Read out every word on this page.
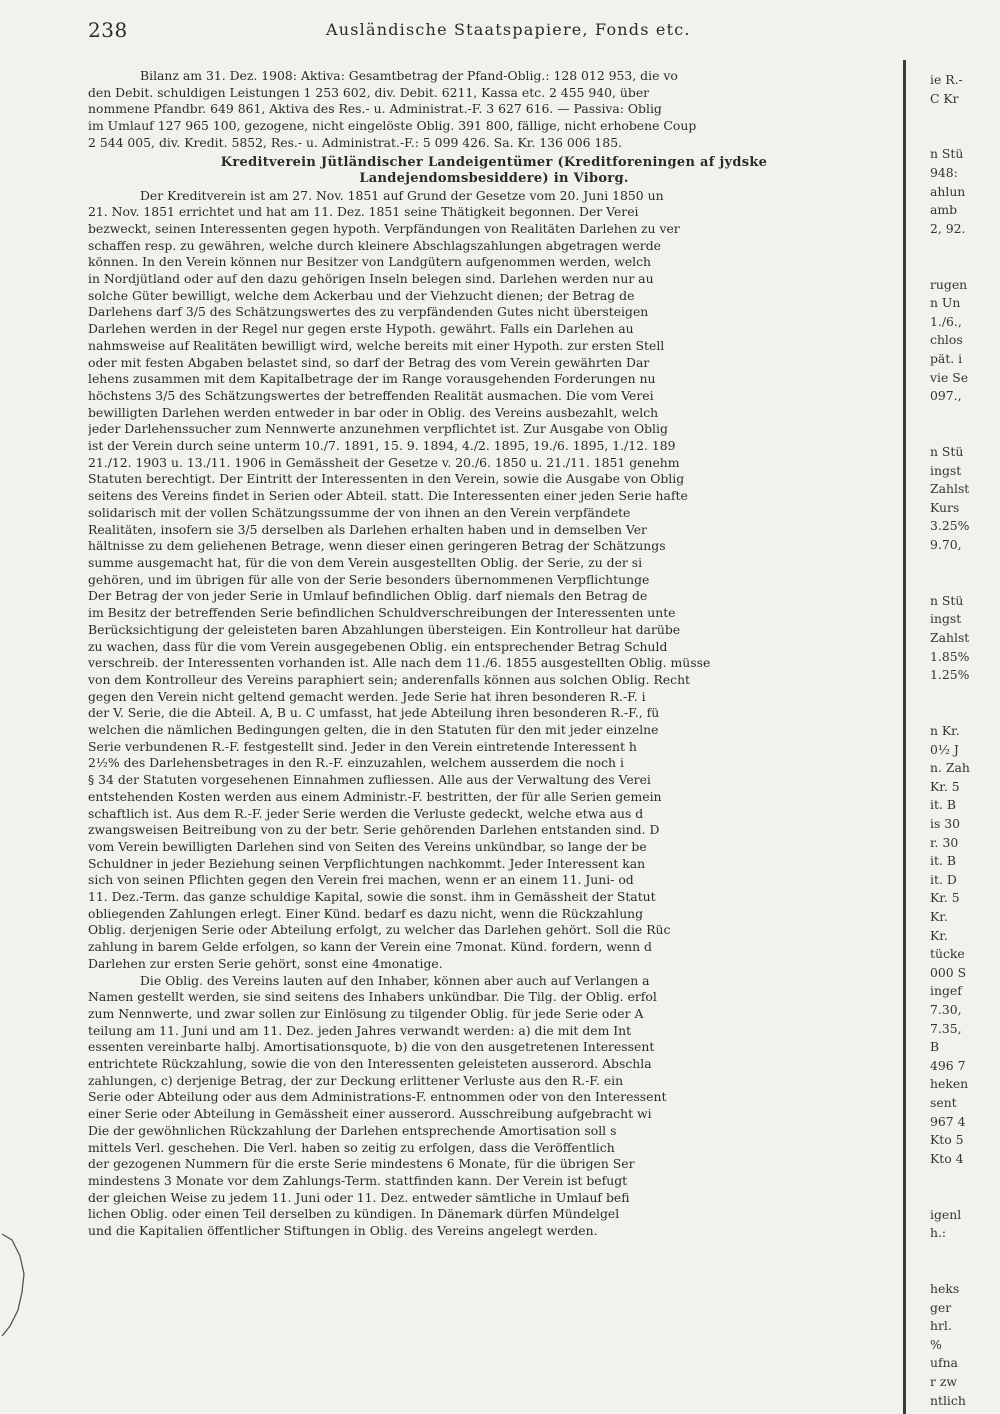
238	Ausländische Staatspapiere, Fonds etc.
Bilanz am 31. Dez. 1908: Aktiva: Gesamtbetrag der Pfand-Oblig.: 128 012 953, die vo
den Debit. schuldigen Leistungen 1 253 602, div. Debit. 6211, Kassa etc. 2 455 940, über
nommene Pfandbr. 649 861, Aktiva des Res.- u. Administrat.-F. 3 627 616. — Passiva: Oblig
im Umlauf 127 965 100, gezogene, nicht eingelöste Oblig. 391 800, fällige, nicht erhobene Coup
2 544 005, div. Kredit. 5852, Res.- u. Administrat.-F.: 5 099 426. Sa. Kr. 136 006 185.
Kreditverein Jütländischer Landeigentümer (Kreditforeningen af jydske
Landejendomsbesiddere) in Viborg.
Der Kreditverein ist am 27. Nov. 1851 auf Grund der Gesetze vom 20. Juni 1850 un
21. Nov. 1851 errichtet und hat am 11. Dez. 1851 seine Thätigkeit begonnen. Der Verei
bezweckt, seinen Interessenten gegen hypoth. Verpfändungen von Realitäten Darlehen zu ver
schaffen resp. zu gewähren, welche durch kleinere Abschlagszahlungen abgetragen werde
können. In den Verein können nur Besitzer von Landgütern aufgenommen werden, welch
in Nordjütland oder auf den dazu gehörigen Inseln belegen sind. Darlehen werden nur au
solche Güter bewilligt, welche dem Ackerbau und der Viehzucht dienen; der Betrag de
Darlehens darf 3/5 des Schätzungswertes des zu verpfändenden Gutes nicht übersteigen
Darlehen werden in der Regel nur gegen erste Hypoth. gewährt. Falls ein Darlehen au
nahmsweise auf Realitäten bewilligt wird, welche bereits mit einer Hypoth. zur ersten Stell
oder mit festen Abgaben belastet sind, so darf der Betrag des vom Verein gewährten Dar
lehens zusammen mit dem Kapitalbetrage der im Range vorausgehenden Forderungen nu
höchstens 3/5 des Schätzungswertes der betreffenden Realität ausmachen. Die vom Verei
bewilligten Darlehen werden entweder in bar oder in Oblig. des Vereins ausbezahlt, welch
jeder Darlehenssucher zum Nennwerte anzunehmen verpflichtet ist. Zur Ausgabe von Oblig
ist der Verein durch seine unterm 10./7. 1891, 15. 9. 1894, 4./2. 1895, 19./6. 1895, 1./12. 189
21./12. 1903 u. 13./11. 1906 in Gemässheit der Gesetze v. 20./6. 1850 u. 21./11. 1851 genehm
Statuten berechtigt. Der Eintritt der Interessenten in den Verein, sowie die Ausgabe von Oblig
seitens des Vereins findet in Serien oder Abteil. statt. Die Interessenten einer jeden Serie hafte
solidarisch mit der vollen Schätzungssumme der von ihnen an den Verein verpfändete
Realitäten, insofern sie 3/5 derselben als Darlehen erhalten haben und in demselben Ver
hältnisse zu dem geliehenen Betrage, wenn dieser einen geringeren Betrag der Schätzungs
summe ausgemacht hat, für die von dem Verein ausgestellten Oblig. der Serie, zu der si
gehören, und im übrigen für alle von der Serie besonders übernommenen Verpflichtunge
Der Betrag der von jeder Serie in Umlauf befindlichen Oblig. darf niemals den Betrag de
im Besitz der betreffenden Serie befindlichen Schuldverschreibungen der Interessenten unte
Berücksichtigung der geleisteten baren Abzahlungen übersteigen. Ein Kontrolleur hat darübe
zu wachen, dass für die vom Verein ausgegebenen Oblig. ein entsprechender Betrag Schuld
verschreib. der Interessenten vorhanden ist. Alle nach dem 11./6. 1855 ausgestellten Oblig. müsse
von dem Kontrolleur des Vereins paraphiert sein; anderenfalls können aus solchen Oblig. Recht
gegen den Verein nicht geltend gemacht werden. Jede Serie hat ihren besonderen R.-F. i
der V. Serie, die die Abteil. A, B u. C umfasst, hat jede Abteilung ihren besonderen R.-F., fü
welchen die nämlichen Bedingungen gelten, die in den Statuten für den mit jeder einzelne
Serie verbundenen R.-F. festgestellt sind. Jeder in den Verein eintretende Interessent h
2½% des Darlehensbetrages in den R.-F. einzuzahlen, welchem ausserdem die noch i
§ 34 der Statuten vorgesehenen Einnahmen zufliessen. Alle aus der Verwaltung des Verei
entstehenden Kosten werden aus einem Administr.-F. bestritten, der für alle Serien gemein
schaftlich ist. Aus dem R.-F. jeder Serie werden die Verluste gedeckt, welche etwa aus d
zwangsweisen Beitreibung von zu der betr. Serie gehörenden Darlehen entstanden sind. D
vom Verein bewilligten Darlehen sind von Seiten des Vereins unkündbar, so lange der be
Schuldner in jeder Beziehung seinen Verpflichtungen nachkommt. Jeder Interessent kan
sich von seinen Pflichten gegen den Verein frei machen, wenn er an einem 11. Juni- od
11. Dez.-Term. das ganze schuldige Kapital, sowie die sonst. ihm in Gemässheit der Statut
obliegenden Zahlungen erlegt. Einer Künd. bedarf es dazu nicht, wenn die Rückzahlung
Oblig. derjenigen Serie oder Abteilung erfolgt, zu welcher das Darlehen gehört. Soll die Rüc
zahlung in barem Gelde erfolgen, so kann der Verein eine 7monat. Künd. fordern, wenn d
Darlehen zur ersten Serie gehört, sonst eine 4monatige.
Die Oblig. des Vereins lauten auf den Inhaber, können aber auch auf Verlangen a
Namen gestellt werden, sie sind seitens des Inhabers unkündbar. Die Tilg. der Oblig. erfol
zum Nennwerte, und zwar sollen zur Einlösung zu tilgender Oblig. für jede Serie oder A
teilung am 11. Juni und am 11. Dez. jeden Jahres verwandt werden: a) die mit dem Int
essenten vereinbarte halbj. Amortisationsquote, b) die von den ausgetretenen Interessent
entrichtete Rückzahlung, sowie die von den Interessenten geleisteten ausserord. Abschla
zahlungen, c) derjenige Betrag, der zur Deckung erlittener Verluste aus den R.-F. ein
Serie oder Abteilung oder aus dem Administrations-F. entnommen oder von den Interessent
einer Serie oder Abteilung in Gemässheit einer ausserord. Ausschreibung aufgebracht wi
Die der gewöhnlichen Rückzahlung der Darlehen entsprechende Amortisation soll s
mittels Verl. geschehen. Die Verl. haben so zeitig zu erfolgen, dass die Veröffentlich
der gezogenen Nummern für die erste Serie mindestens 6 Monate, für die übrigen Ser
mindestens 3 Monate vor dem Zahlungs-Term. stattfinden kann. Der Verein ist befugt
der gleichen Weise zu jedem 11. Juni oder 11. Dez. entweder sämtliche in Umlauf befi
lichen Oblig. oder einen Teil derselben zu kündigen. In Dänemark dürfen Mündelgel
und die Kapitalien öffentlicher Stiftungen in Oblig. des Vereins angelegt werden.
ie R.-
C Kr
n Stü
948:
ahlun
amb
2, 92.
rugen
n Un
1./6.,
chlos
pät. i
vie Se
097.,
n Stü
ingst
Zahlst
Kurs
3.25%
9.70,
n Stü
ingst
Zahlst
1.85%
1.25%
n Kr.
0½ J
n. Zah
Kr. 5
it. B
is 30
r. 30
it. B
it. D
Kr. 5
Kr.
Kr.
tücke
000 S
ingef
7.30,
7.35,
B
496 7
heken
sent
967 4
Kto 5
Kto 4
igenl
h.:
heks
ger
hrl.
%
ufna
r zw
ntlich
